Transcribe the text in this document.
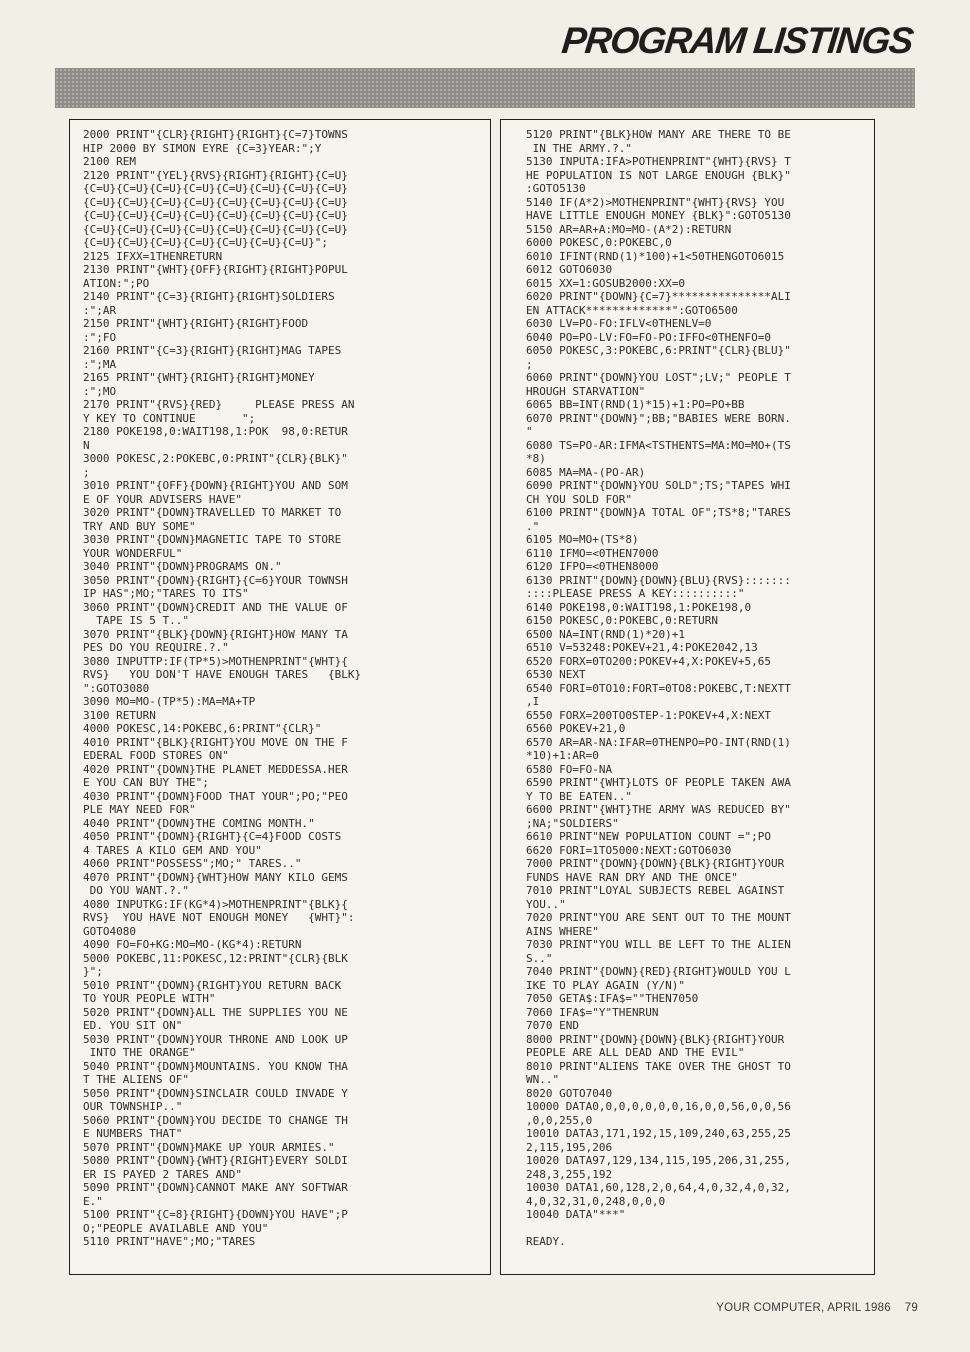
PROGRAM LISTINGS
2000 PRINT"{CLR}{RIGHT}{RIGHT}{C=7}TOWNS
HIP 2000 BY SIMON EYRE {C=3}YEAR:";Y
2100 REM
2120 PRINT"{YEL}{RVS}{RIGHT}{RIGHT}{C=U}
{C=U}{C=U}{C=U}{C=U}{C=U}{C=U}{C=U}{C=U}
{C=U}{C=U}{C=U}{C=U}{C=U}{C=U}{C=U}{C=U}
{C=U}{C=U}{C=U}{C=U}{C=U}{C=U}{C=U}{C=U}
{C=U}{C=U}{C=U}{C=U}{C=U}{C=U}{C=U}{C=U}
{C=U}{C=U}{C=U}{C=U}{C=U}{C=U}{C=U}";
2125 IFXX=1THENRETURN
2130 PRINT"{WHT}{OFF}{RIGHT}{RIGHT}POPUL
ATION:";PO
2140 PRINT"{C=3}{RIGHT}{RIGHT}SOLDIERS
:";AR
2150 PRINT"{WHT}{RIGHT}{RIGHT}FOOD
:";FO
2160 PRINT"{C=3}{RIGHT}{RIGHT}MAG TAPES
:";MA
2165 PRINT"{WHT}{RIGHT}{RIGHT}MONEY
:";MO
2170 PRINT"{RVS}{RED}     PLEASE PRESS AN
Y KEY TO CONTINUE       ";
2180 POKE198,0:WAIT198,1:POK  98,0:RETUR
N
3000 POKESC,2:POKEBC,0:PRINT"{CLR}{BLK}"
;
3010 PRINT"{OFF}{DOWN}{RIGHT}YOU AND SOM
E OF YOUR ADVISERS HAVE"
3020 PRINT"{DOWN}TRAVELLED TO MARKET TO
TRY AND BUY SOME"
3030 PRINT"{DOWN}MAGNETIC TAPE TO STORE
YOUR WONDERFUL"
3040 PRINT"{DOWN}PROGRAMS ON."
3050 PRINT"{DOWN}{RIGHT}{C=6}YOUR TOWNSH
IP HAS";MO;"TARES TO ITS"
3060 PRINT"{DOWN}CREDIT AND THE VALUE OF
TAPE IS 5 T.."
3070 PRINT"{BLK}{DOWN}{RIGHT}HOW MANY TA
PES DO YOU REQUIRE.?."
3080 INPUTTP:IF(TP*5)>MOTHENPRINT"{WHT}{
RVS}   YOU DON'T HAVE ENOUGH TARES   {BLK}
":GOTO3080
3090 MO=MO-(TP*5):MA=MA+TP
3100 RETURN
4000 POKESC,14:POKEBC,6:PRINT"{CLR}"
4010 PRINT"{BLK}{RIGHT}YOU MOVE ON THE F
EDERAL FOOD STORES ON"
4020 PRINT"{DOWN}THE PLANET MEDDESSA.HER
E YOU CAN BUY THE";
4030 PRINT"{DOWN}FOOD THAT YOUR";PO;"PEO
PLE MAY NEED FOR"
4040 PRINT"{DOWN}THE COMING MONTH."
4050 PRINT"{DOWN}{RIGHT}{C=4}FOOD COSTS
4 TARES A KILO GEM AND YOU"
4060 PRINT"POSSESS";MO;" TARES.."
4070 PRINT"{DOWN}{WHT}HOW MANY KILO GEMS
DO YOU WANT.?."
4080 INPUTKG:IF(KG*4)>MOTHENPRINT"{BLK}{
RVS}  YOU HAVE NOT ENOUGH MONEY   {WHT}":
GOTO4080
4090 FO=FO+KG:MO=MO-(KG*4):RETURN
5000 POKEBC,11:POKESC,12:PRINT"{CLR}{BLK
}";
5010 PRINT"{DOWN}{RIGHT}YOU RETURN BACK
TO YOUR PEOPLE WITH"
5020 PRINT"{DOWN}ALL THE SUPPLIES YOU NE
ED. YOU SIT ON"
5030 PRINT"{DOWN}YOUR THRONE AND LOOK UP
INTO THE ORANGE"
5040 PRINT"{DOWN}MOUNTAINS. YOU KNOW THA
T THE ALIENS OF"
5050 PRINT"{DOWN}SINCLAIR COULD INVADE Y
OUR TOWNSHIP.."
5060 PRINT"{DOWN}YOU DECIDE TO CHANGE TH
E NUMBERS THAT"
5070 PRINT"{DOWN}MAKE UP YOUR ARMIES."
5080 PRINT"{DOWN}{WHT}{RIGHT}EVERY SOLDI
ER IS PAYED 2 TARES AND"
5090 PRINT"{DOWN}CANNOT MAKE ANY SOFTWAR
E."
5100 PRINT"{C=8}{RIGHT}{DOWN}YOU HAVE";P
O;"PEOPLE AVAILABLE AND YOU"
5110 PRINT"HAVE";MO;"TARES
5120 PRINT"{BLK}HOW MANY ARE THERE TO BE
IN THE ARMY.?."
5130 INPUTA:IFA>POTHENPRINT"{WHT}{RVS} T
HE POPULATION IS NOT LARGE ENOUGH {BLK}"
:GOTO5130
5140 IF(A*2)>MOTHENPRINT"{WHT}{RVS} YOU
HAVE LITTLE ENOUGH MONEY {BLK}":GOTO5130
5150 AR=AR+A:MO=MO-(A*2):RETURN
6000 POKESC,0:POKEBC,0
6010 IFINT(RND(1)*100)+1<50THENGOTO6015
6012 GOTO6030
6015 XX=1:GOSUB2000:XX=0
6020 PRINT"{DOWN}{C=7}***************ALI
EN ATTACK*************":GOTO6500
6030 LV=PO-FO:IFLV<0THENLV=0
6040 PO=PO-LV:FO=FO-PO:IFFO<0THENFO=0
6050 POKESC,3:POKEBC,6:PRINT"{CLR}{BLU}"
;
6060 PRINT"{DOWN}YOU LOST";LV;" PEOPLE T
HROUGH STARVATION"
6065 BB=INT(RND(1)*15)+1:PO=PO+BB
6070 PRINT"{DOWN}";BB;"BABIES WERE BORN.
"
6080 TS=PO-AR:IFMA<TSTHENTS=MA:MO=MO+(TS
*8)
6085 MA=MA-(PO-AR)
6090 PRINT"{DOWN}YOU SOLD";TS;"TAPES WHI
CH YOU SOLD FOR"
6100 PRINT"{DOWN}A TOTAL OF";TS*8;"TARES
."
6105 MO=MO+(TS*8)
6110 IFMO=<0THEN7000
6120 IFPO=<0THEN8000
6130 PRINT"{DOWN}{DOWN}{BLU}{RVS}:::::::
::::PLEASE PRESS A KEY::::::::::"
6140 POKE198,0:WAIT198,1:POKE198,0
6150 POKESC,0:POKEBC,0:RETURN
6500 NA=INT(RND(1)*20)+1
6510 V=53248:POKEV+21,4:POKE2042,13
6520 FORX=0TO200:POKEV+4,X:POKEV+5,65
6530 NEXT
6540 FORI=0TO10:FORT=0TO8:POKEBC,T:NEXTT
,I
6550 FORX=200TO0STEP-1:POKEV+4,X:NEXT
6560 POKEV+21,0
6570 AR=AR-NA:IFAR=0THENPO=PO-INT(RND(1)
*10)+1:AR=0
6580 FO=FO-NA
6590 PRINT"{WHT}LOTS OF PEOPLE TAKEN AWA
Y TO BE EATEN.."
6600 PRINT"{WHT}THE ARMY WAS REDUCED BY"
;NA;"SOLDIERS"
6610 PRINT"NEW POPULATION COUNT =";PO
6620 FORI=1TO5000:NEXT:GOTO6030
7000 PRINT"{DOWN}{DOWN}{BLK}{RIGHT}YOUR
FUNDS HAVE RAN DRY AND THE ONCE"
7010 PRINT"LOYAL SUBJECTS REBEL AGAINST
YOU.."
7020 PRINT"YOU ARE SENT OUT TO THE MOUNT
AINS WHERE"
7030 PRINT"YOU WILL BE LEFT TO THE ALIEN
S.."
7040 PRINT"{DOWN}{RED}{RIGHT}WOULD YOU L
IKE TO PLAY AGAIN (Y/N)"
7050 GETA$:IFA$=""THEN7050
7060 IFA$="Y"THENRUN
7070 END
8000 PRINT"{DOWN}{DOWN}{BLK}{RIGHT}YOUR
PEOPLE ARE ALL DEAD AND THE EVIL"
8010 PRINT"ALIENS TAKE OVER THE GHOST TO
WN.."
8020 GOTO7040
10000 DATA0,0,0,0,0,0,0,16,0,0,56,0,0,56
,0,0,255,0
10010 DATA3,171,192,15,109,240,63,255,25
2,115,195,206
10020 DATA97,129,134,115,195,206,31,255,
248,3,255,192
10030 DATA1,60,128,2,0,64,4,0,32,4,0,32,
4,0,32,31,0,248,0,0,0
10040 DATA"***"

READY.
YOUR COMPUTER, APRIL 1986 79
